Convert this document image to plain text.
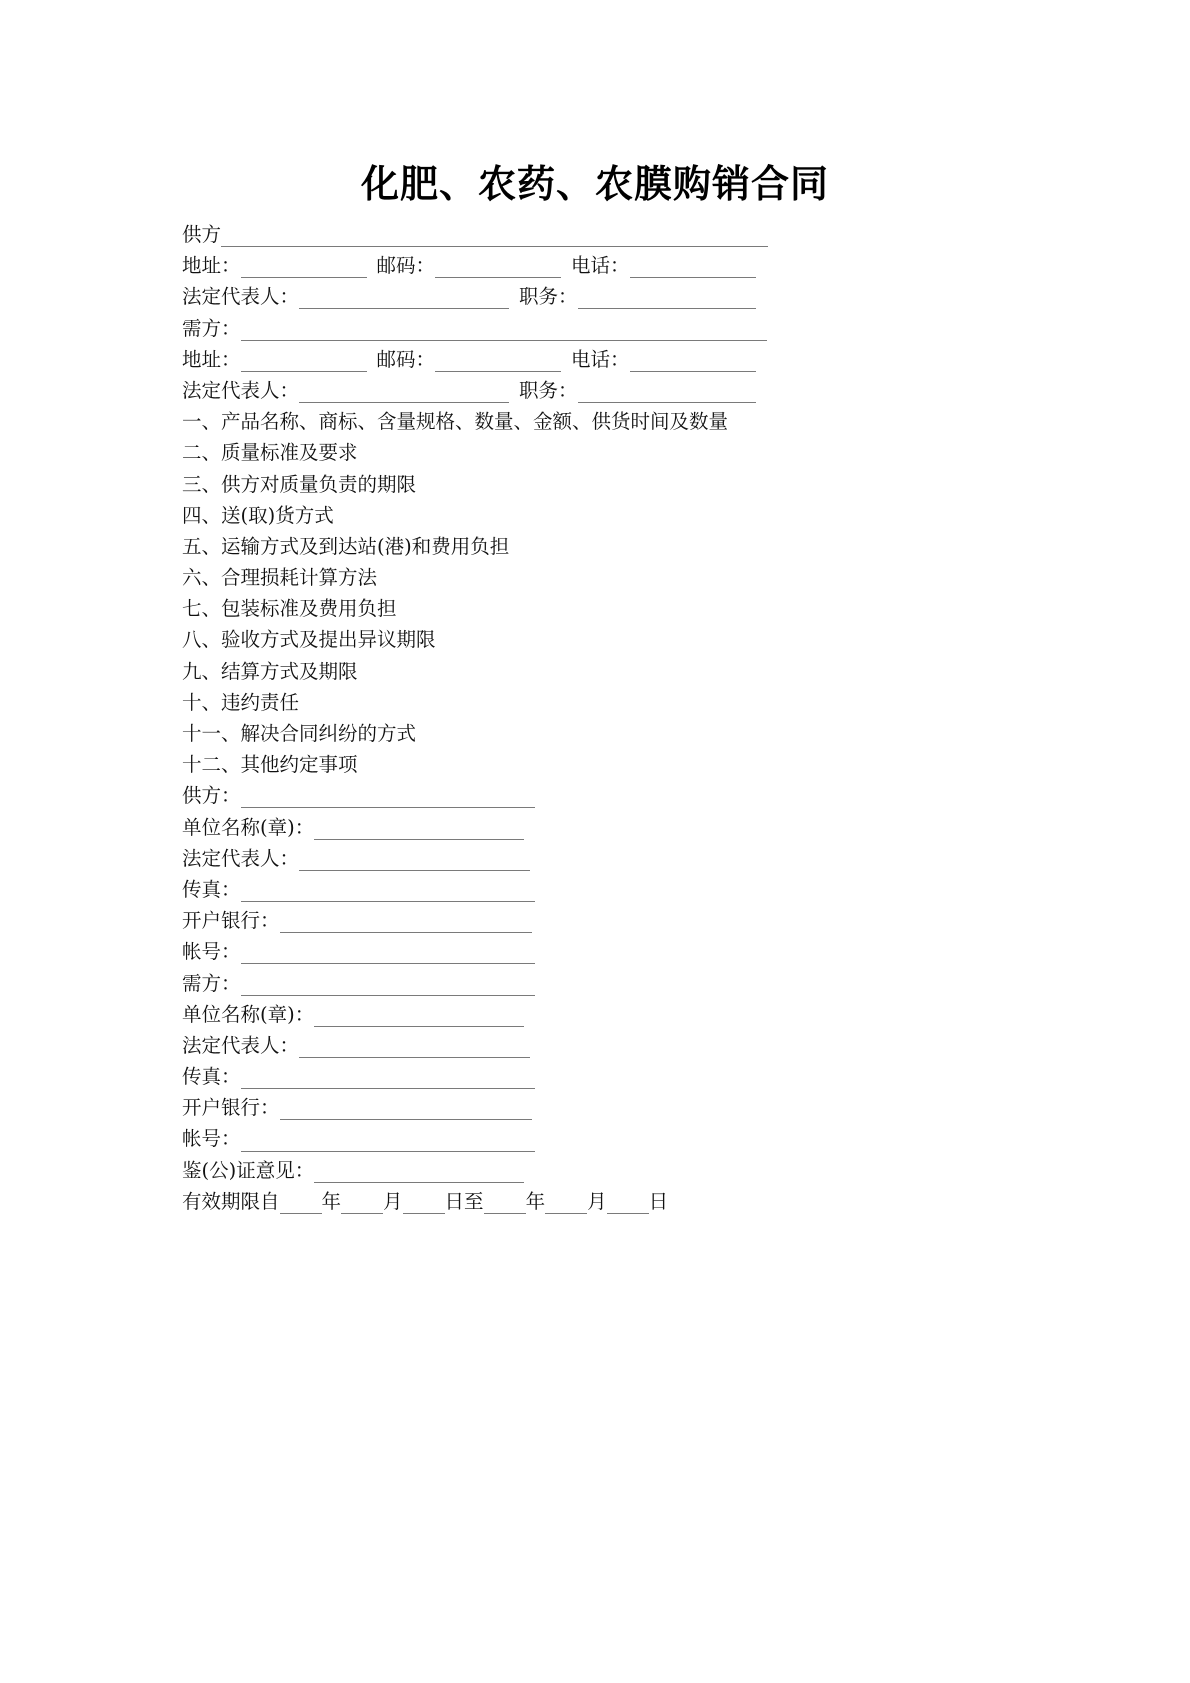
化肥、农药、农膜购销合同
供方
地址：	邮码：	电话：
法定代表人：	职务：
需方：
地址：	邮码：	电话：
法定代表人：	职务：
一、产品名称、商标、含量规格、数量、金额、供货时间及数量
二、质量标准及要求
三、供方对质量负责的期限
四、送(取)货方式
五、运输方式及到达站(港)和费用负担
六、合理损耗计算方法
七、包装标准及费用负担
八、验收方式及提出异议期限
九、结算方式及期限
十、违约责任
十一、解决合同纠纷的方式
十二、其他约定事项
供方：
单位名称(章)：
法定代表人：
传真：
开户银行：
帐号：
需方：
单位名称(章)：
法定代表人：
传真：
开户银行：
帐号：
鉴(公)证意见：
有效期限自 年 月 日至 年 月 日
